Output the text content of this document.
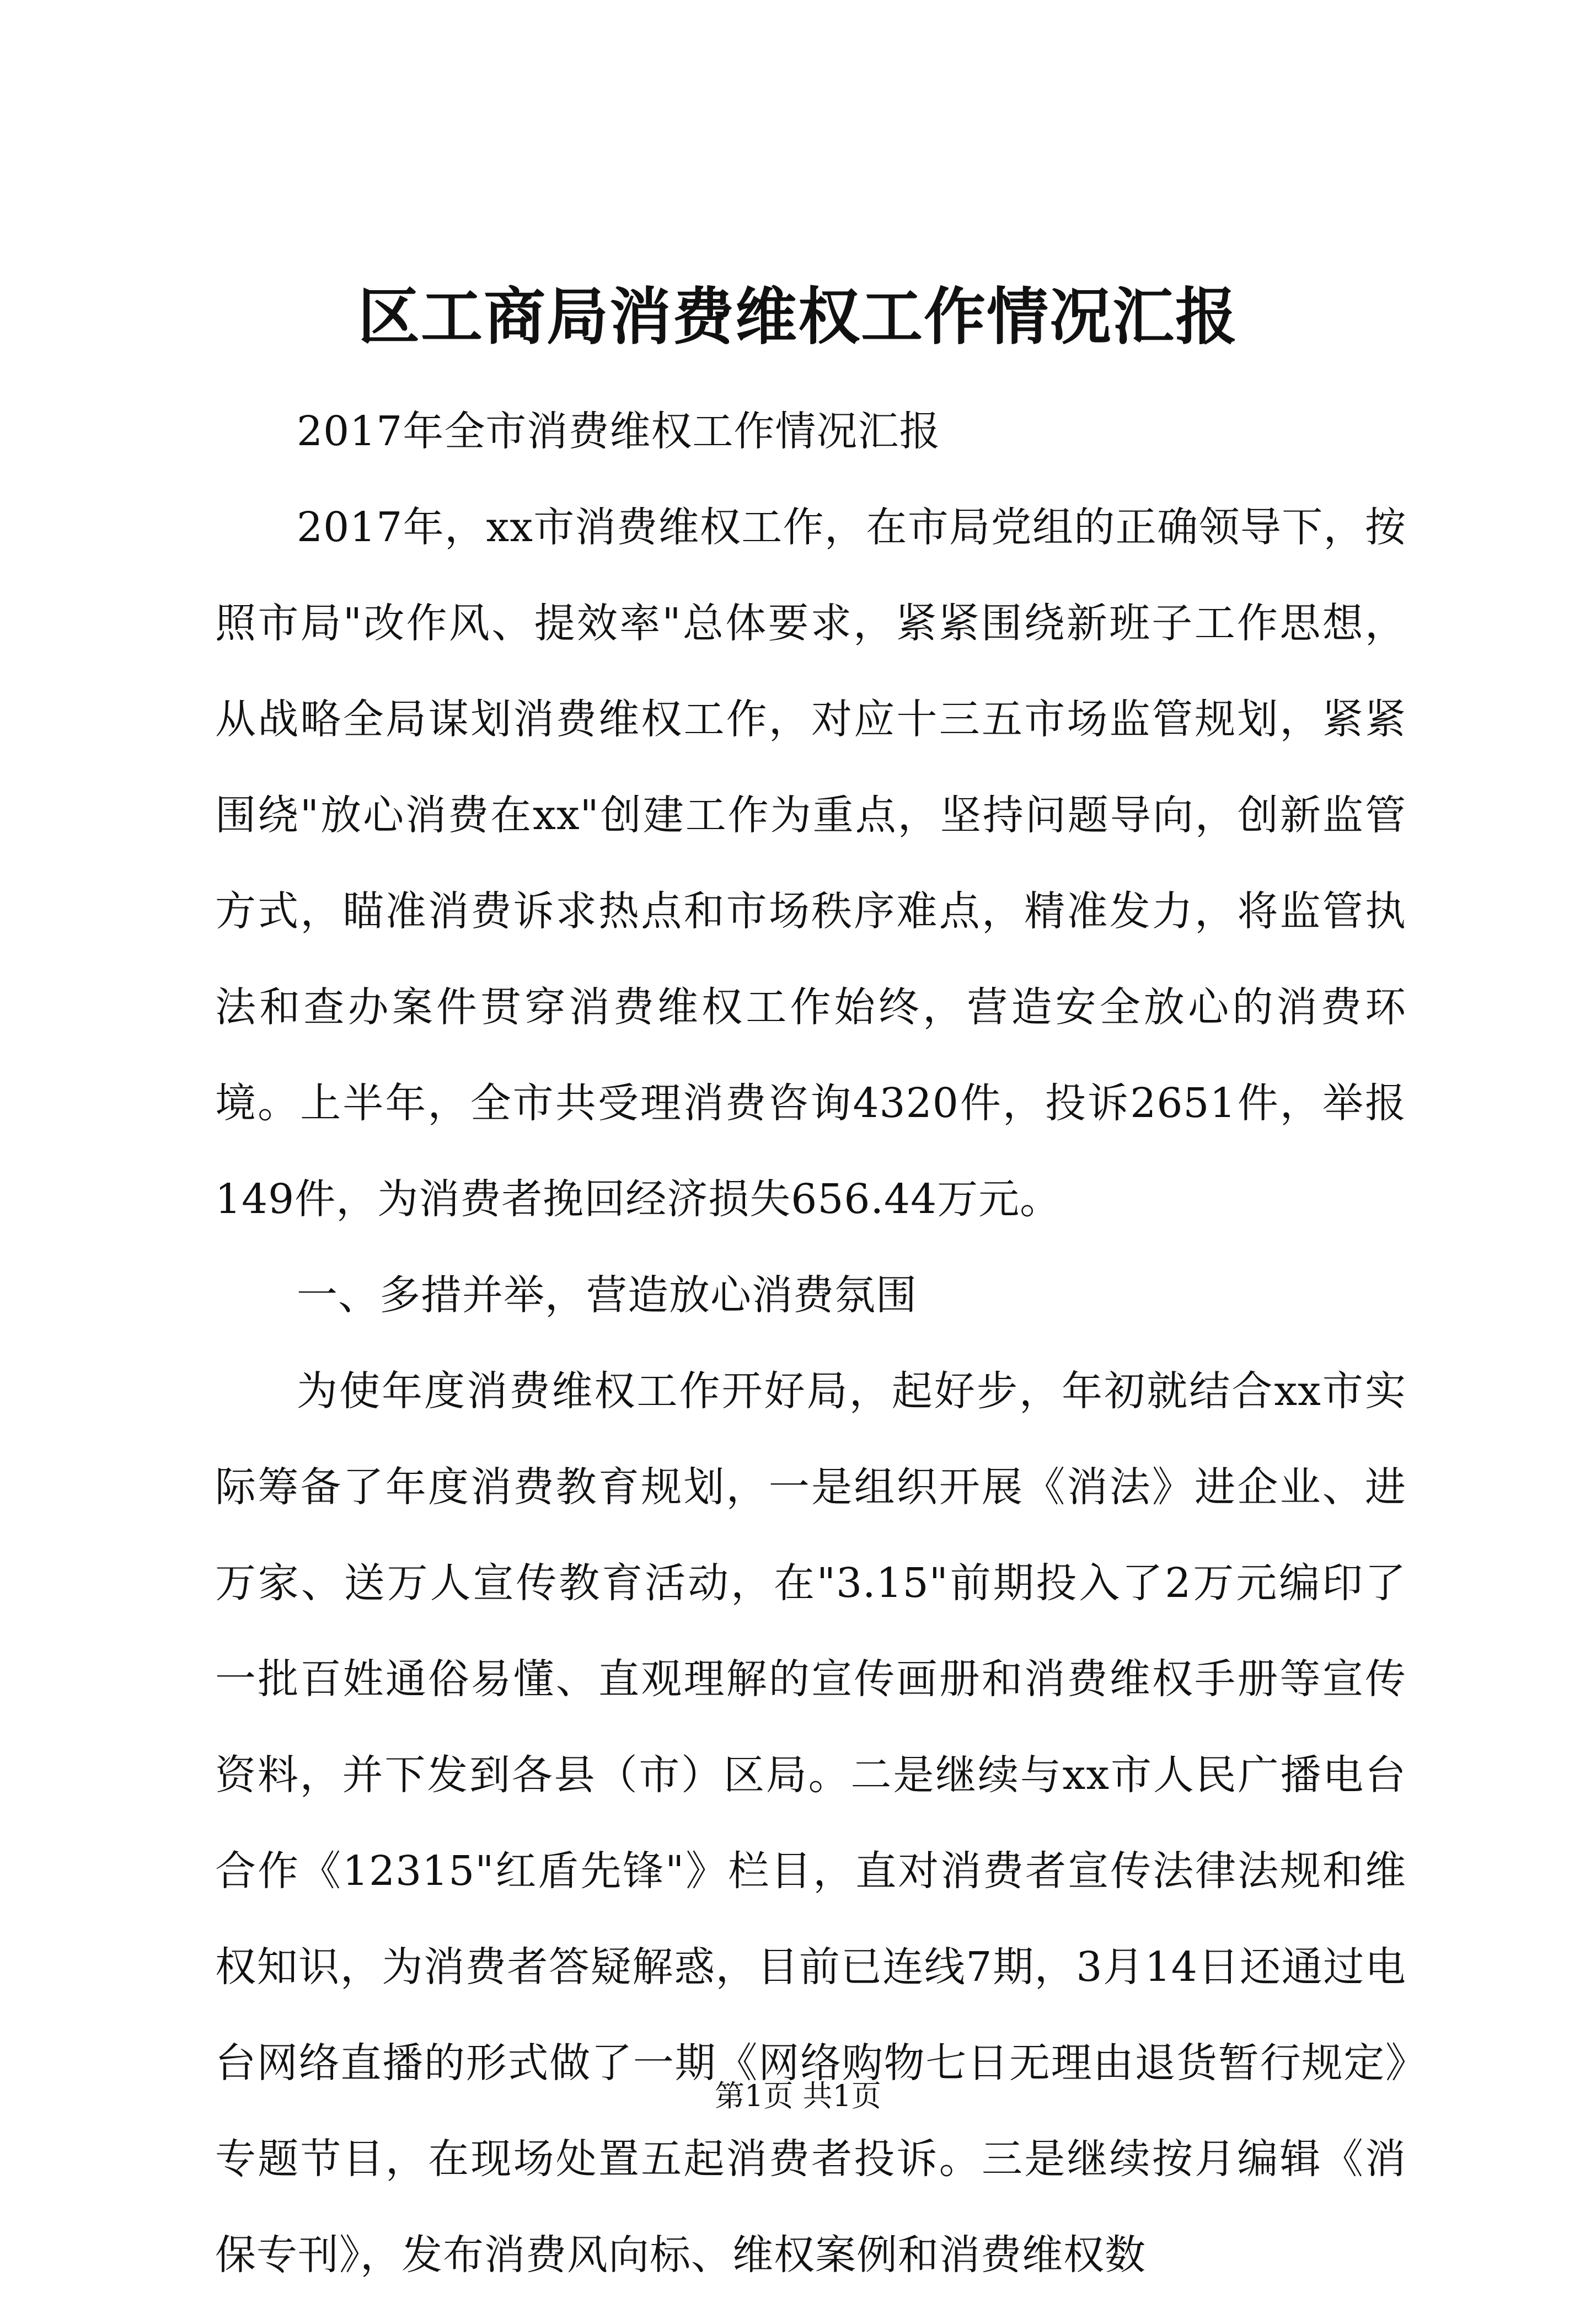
区工商局消费维权工作情况汇报

2017年全市消费维权工作情况汇报

2017年，xx市消费维权工作，在市局党组的正确领导下，按照市局"改作风、提效率"总体要求，紧紧围绕新班子工作思想，从战略全局谋划消费维权工作，对应十三五市场监管规划，紧紧围绕"放心消费在xx"创建工作为重点，坚持问题导向，创新监管方式，瞄准消费诉求热点和市场秩序难点，精准发力，将监管执法和查办案件贯穿消费维权工作始终，营造安全放心的消费环境。上半年，全市共受理消费咨询4320件，投诉2651件，举报149件，为消费者挽回经济损失656.44万元。

一、多措并举，营造放心消费氛围

为使年度消费维权工作开好局，起好步，年初就结合xx市实际筹备了年度消费教育规划，一是组织开展《消法》进企业、进万家、送万人宣传教育活动，在"3.15"前期投入了2万元编印了一批百姓通俗易懂、直观理解的宣传画册和消费维权手册等宣传资料，并下发到各县（市）区局。二是继续与xx市人民广播电台合作《12315"红盾先锋"》栏目，直对消费者宣传法律法规和维权知识，为消费者答疑解惑，目前已连线7期，3月14日还通过电台网络直播的形式做了一期《网络购物七日无理由退货暂行规定》专题节目，在现场处置五起消费者投诉。三是继续按月编辑《消保专刊》，发布消费风向标、维权案例和消费维权数

第1页 共1页
